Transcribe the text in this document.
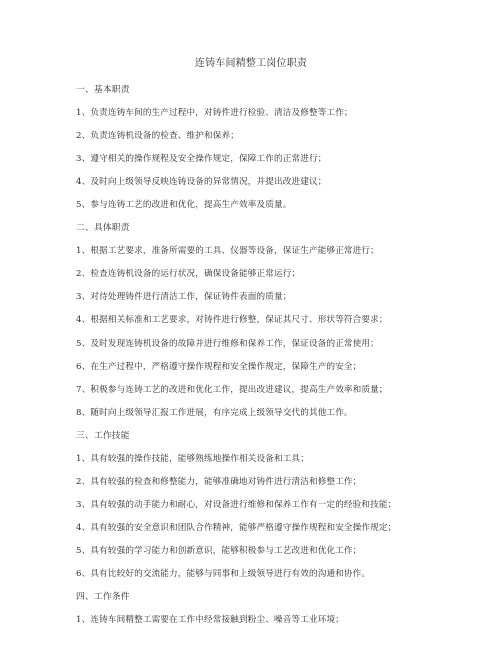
连铸车间精整工岗位职责
一、基本职责
1、负责连铸车间的生产过程中，对铸件进行检验、清洁及修整等工作；
2、负责连铸机设备的检查、维护和保养；
3、遵守相关的操作规程及安全操作规定，保障工作的正常进行；
4、及时向上级领导反映连铸设备的异常情况，并提出改进建议；
5、参与连铸工艺的改进和优化，提高生产效率及质量。
二、具体职责
1、根据工艺要求，准备所需要的工具、仪器等设备，保证生产能够正常进行；
2、检查连铸机设备的运行状况，确保设备能够正常运行；
3、对待处理铸件进行清洁工作，保证铸件表面的质量；
4、根据相关标准和工艺要求，对铸件进行修整，保证其尺寸、形状等符合要求；
5、及时发现连铸机设备的故障并进行维修和保养工作，保证设备的正常使用；
6、在生产过程中，严格遵守操作规程和安全操作规定，保障生产的安全；
7、积极参与连铸工艺的改进和优化工作，提出改进建议，提高生产效率和质量；
8、随时向上级领导汇报工作进展，有序完成上级领导交代的其他工作。
三、工作技能
1、具有较强的操作技能，能够熟练地操作相关设备和工具；
2、具有较强的检查和修整能力，能够准确地对铸件进行清洁和修整工作；
3、具有较强的动手能力和耐心，对设备进行维修和保养工作有一定的经验和技能；
4、具有较强的安全意识和团队合作精神，能够严格遵守操作规程和安全操作规定；
5、具有较强的学习能力和创新意识，能够积极参与工艺改进和优化工作；
6、具有比较好的交流能力，能够与同事和上级领导进行有效的沟通和协作。
四、工作条件
1、连铸车间精整工需要在工作中经常接触到粉尘、噪音等工业环境；
